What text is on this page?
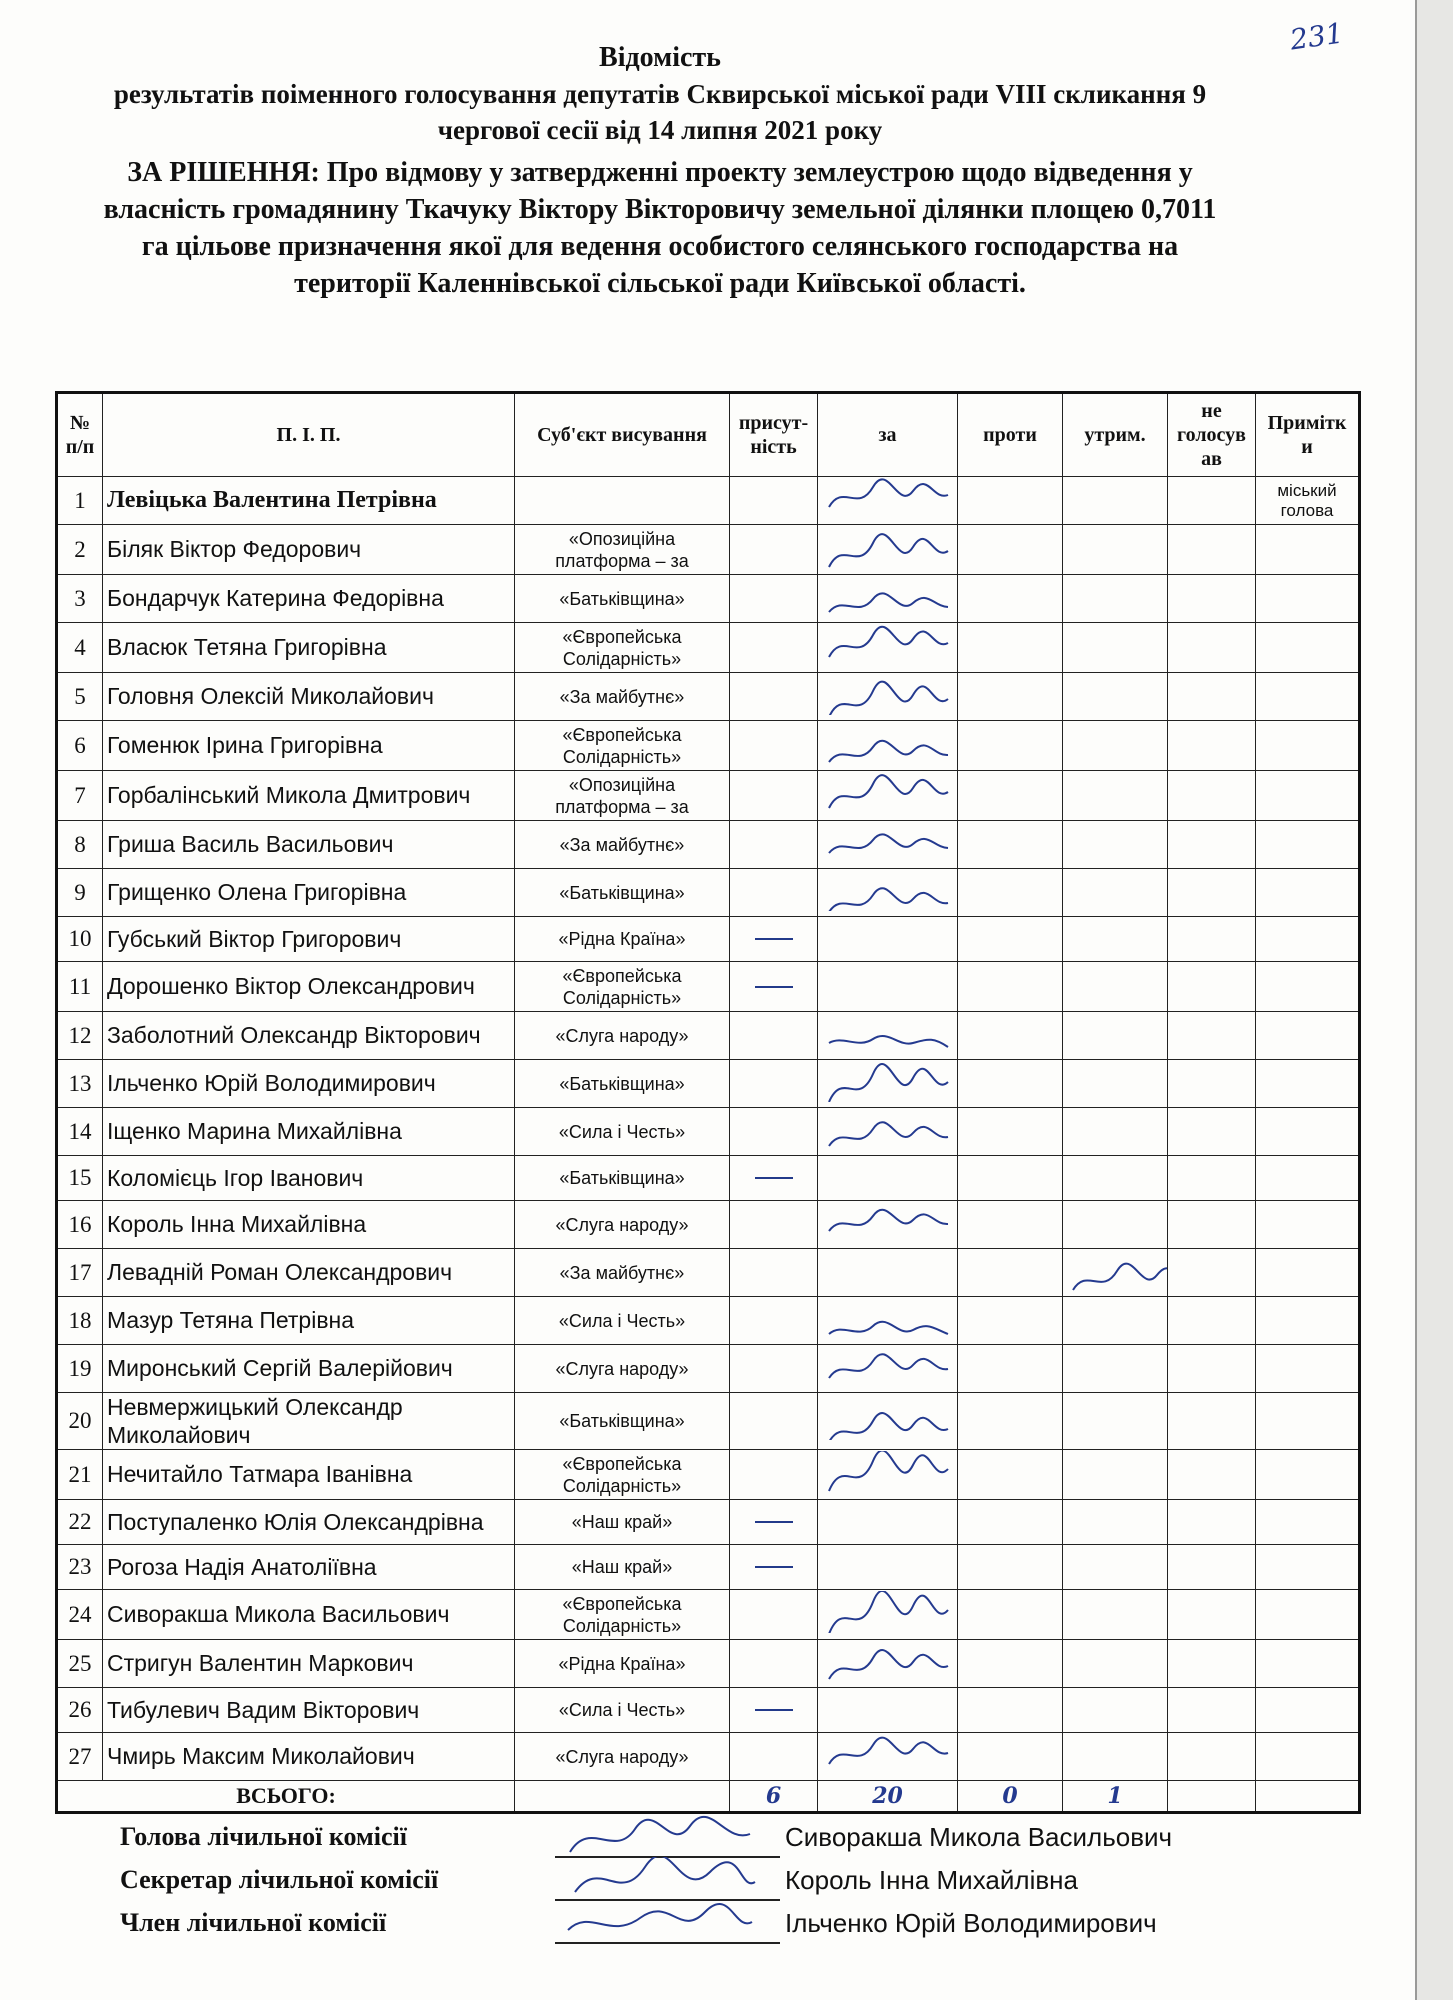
231
Відомість
результатів поіменного голосування депутатів Сквирської міської ради VIII скликання 9
чергової сесії від 14 липня 2021 року
ЗА РІШЕННЯ: Про відмову у затвердженні проекту землеустрою щодо відведення у
власність громадянину Ткачуку Віктору Вікторовичу земельної ділянки площею 0,7011
га цільове призначення якої для ведення особистого селянського господарства на
території Каленнівської сільської ради Київської області.
№ п/п	П. І. П.	Суб'єкт висування	присут-ність	за	проти	утрим.	не голосув ав	Примітк и
1	Левіцька Валентина Петрівна							міський голова
2	Біляк Віктор Федорович	«Опозиційна платформа – за						
3	Бондарчук Катерина Федорівна	«Батьківщина»						
4	Власюк Тетяна Григорівна	«Європейська Солідарність»						
5	Головня Олексій Миколайович	«За майбутнє»						
6	Гоменюк Ірина Григорівна	«Європейська Солідарність»						
7	Горбалінський Микола Дмитрович	«Опозиційна платформа – за						
8	Гриша Василь Васильович	«За майбутнє»						
9	Грищенко Олена Григорівна	«Батьківщина»						
10	Губський Віктор Григорович	«Рідна Країна»						
11	Дорошенко Віктор Олександрович	«Європейська Солідарність»						
12	Заболотний Олександр Вікторович	«Слуга народу»						
13	Ільченко Юрій Володимирович	«Батьківщина»						
14	Іщенко Марина Михайлівна	«Сила і Честь»						
15	Коломієць Ігор Іванович	«Батьківщина»						
16	Король Інна Михайлівна	«Слуга народу»						
17	Левадній Роман Олександрович	«За майбутнє»						
18	Мазур Тетяна Петрівна	«Сила і Честь»						
19	Миронський Сергій Валерійович	«Слуга народу»						
20	Невмержицький Олександр Миколайович	«Батьківщина»						
21	Нечитайло Татмара Іванівна	«Європейська Солідарність»						
22	Поступаленко Юлія Олександрівна	«Наш край»						
23	Рогоза Надія Анатоліївна	«Наш край»						
24	Сиворакша Микола Васильович	«Європейська Солідарність»						
25	Стригун Валентин Маркович	«Рідна Країна»						
26	Тибулевич Вадим Вікторович	«Сила і Честь»						
27	Чмирь Максим Миколайович	«Слуга народу»						
ВСЬОГО:			6	20	0	1		
Голова лічильної комісії	Сиворакша Микола Васильович
Секретар лічильної комісії	Король Інна Михайлівна
Член лічильної комісії	Ільченко Юрій Володимирович
